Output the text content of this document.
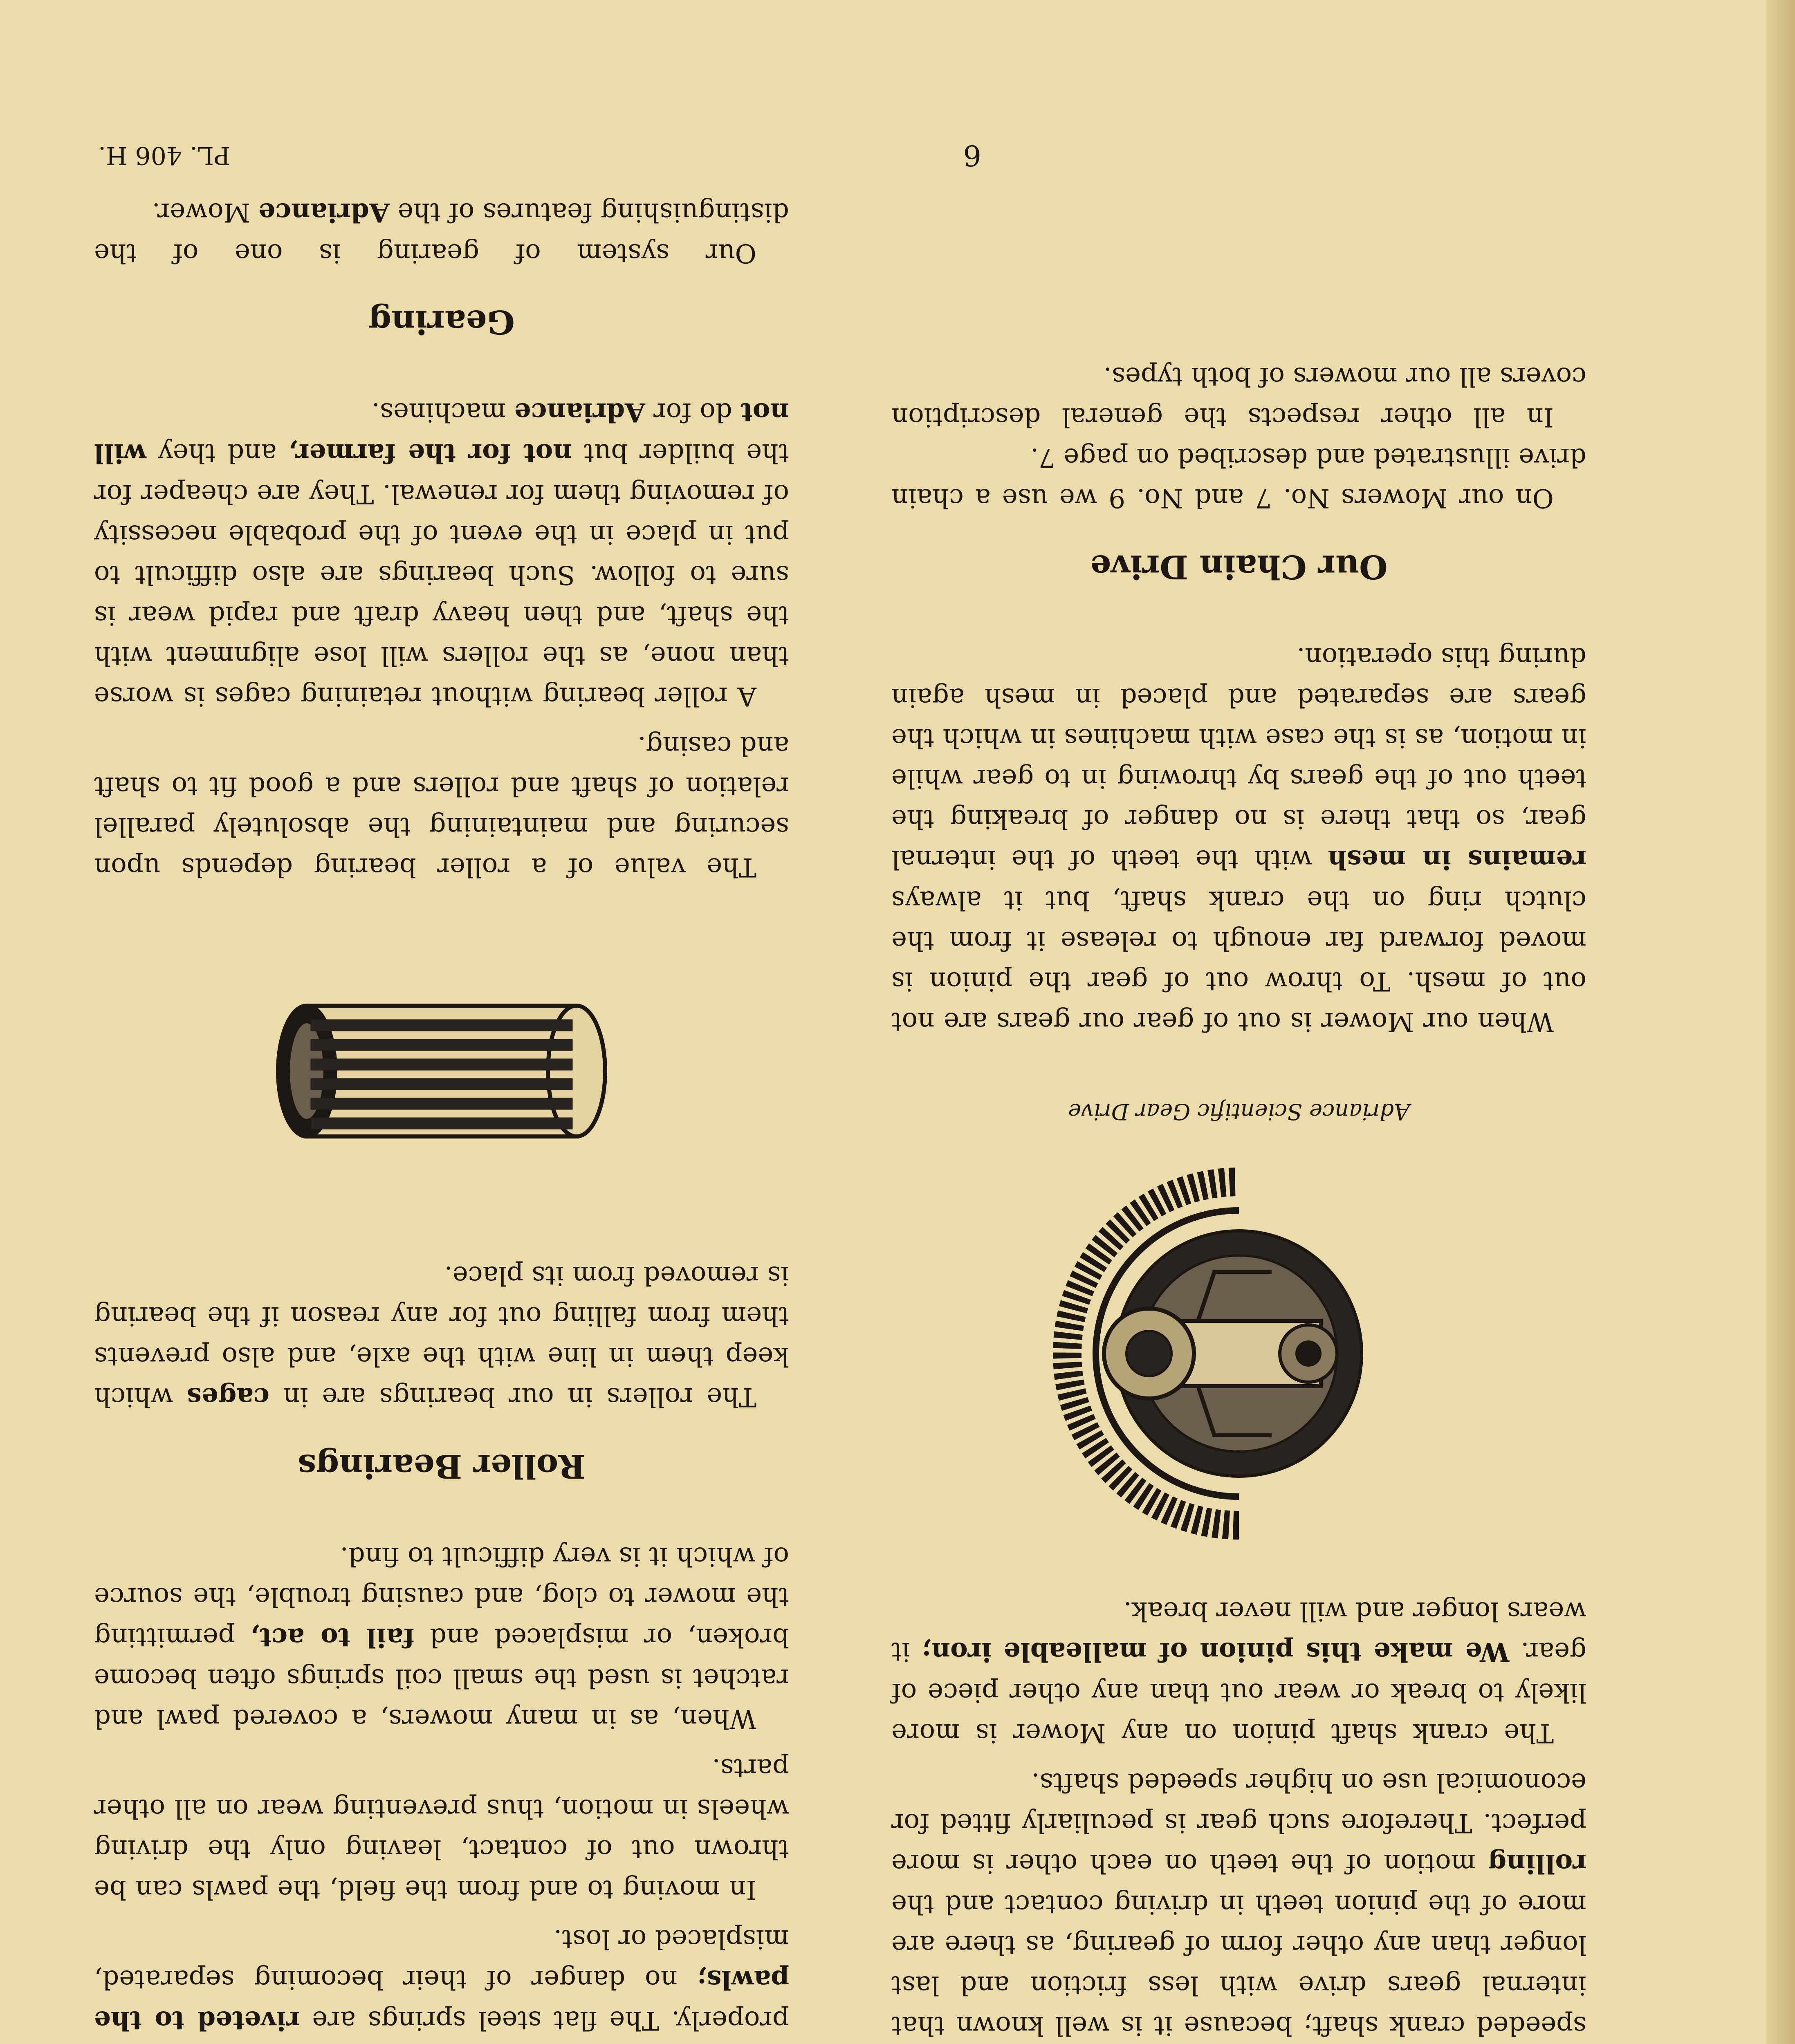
speeded crank shaft; because it is well known that internal gears drive with less friction and last longer than any other form of gearing, as there are more of the pinion teeth in driving contact and the rolling motion of the teeth on each other is more perfect. Therefore such gear is peculiarly fitted for economical use on higher speeded shafts.

The crank shaft pinion on any Mower is more likely to break or wear out than any other piece of gear. We make this pinion of malleable iron; it wears longer and will never break.

Adriance Scientific Gear Drive

When our Mower is out of gear our gears are not out of mesh. To throw out of gear the pinion is moved forward far enough to release it from the clutch ring on the crank shaft, but it always remains in mesh with the teeth of the internal gear, so that there is no danger of breaking the teeth out of the gears by throwing in to gear while in motion, as is the case with machines in which the gears are separated and placed in mesh again during this operation.

Our Chain Drive

On our Mowers No. 7 and No. 9 we use a chain drive illustrated and described on page 7.

In all other respects the general description covers all our mowers of both types.

properly. The flat steel springs are riveted to the pawls; no danger of their becoming separated, misplaced or lost.

In moving to and from the field, the pawls can be thrown out of contact, leaving only the driving wheels in motion, thus preventing wear on all other parts.

When, as in many mowers, a covered pawl and ratchet is used the small coil springs often become broken, or misplaced and fail to act, permitting the mower to clog, and causing trouble, the source of which it is very difficult to find.

Roller Bearings

The rollers in our bearings are in cages which keep them in line with the axle, and also prevents them from falling out for any reason if the bearing is removed from its place.

The value of a roller bearing depends upon securing and maintaining the absolutely parallel relation of shaft and rollers and a good fit to shaft and casing.

A roller bearing without retaining cages is worse than none, as the rollers will lose alignment with the shaft, and then heavy draft and rapid wear is sure to follow. Such bearings are also difficult to put in place in the event of the probable necessity of removing them for renewal. They are cheaper for the builder but not for the farmer, and they will not do for Adriance machines.

Gearing

Our system of gearing is one of the distinguishing features of the Adriance Mower.

6
PL. 406 H.
